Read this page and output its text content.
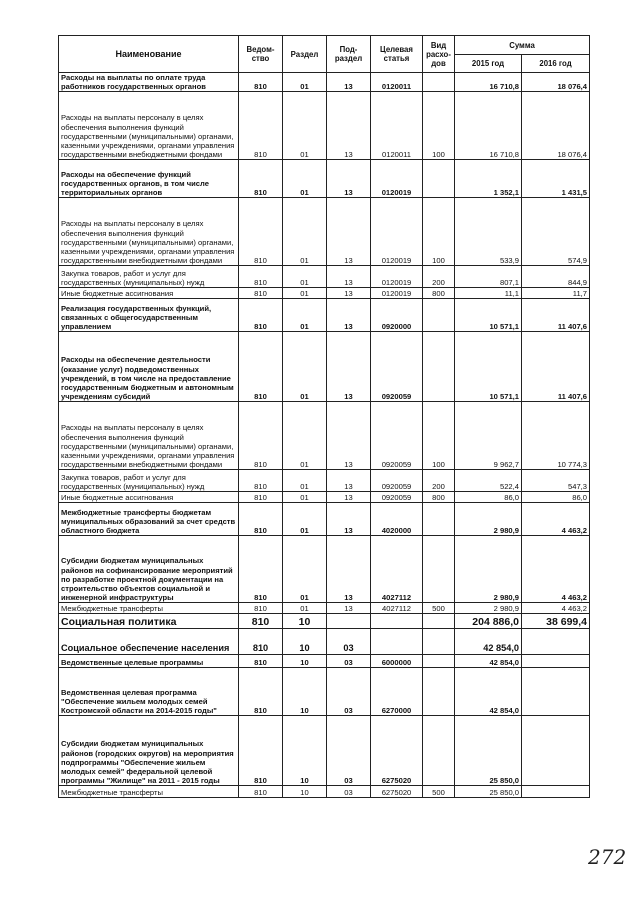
Наименование	Ведом-
ство	Раздел	Под-
раздел	Целевая
статья	Вид
расхо-
дов	Сумма	
						2015 год	2016 год
Расходы на выплаты по оплате труда работников государственных органов	810	01	13	0120011		16 710,8	18 076,4
Расходы на выплаты персоналу в целях обеспечения выполнения функций государственными (муниципальными) органами, казенными учреждениями, органами управления государственными внебюджетными фондами	810	01	13	0120011	100	16 710,8	18 076,4
Расходы на обеспечение функций государственных органов, в том числе территориальных органов	810	01	13	0120019		1 352,1	1 431,5
Расходы на выплаты персоналу в целях обеспечения выполнения функций государственными (муниципальными) органами, казенными учреждениями, органами управления государственными внебюджетными фондами	810	01	13	0120019	100	533,9	574,9
Закупка товаров, работ и услуг для государственных (муниципальных) нужд	810	01	13	0120019	200	807,1	844,9
Иные бюджетные ассигнования	810	01	13	0120019	800	11,1	11,7
Реализация государственных функций, связанных с общегосударственным управлением	810	01	13	0920000		10 571,1	11 407,6
Расходы на обеспечение деятельности (оказание услуг) подведомственных учреждений, в том числе на предоставление государственным бюджетным и автономным учреждениям субсидий	810	01	13	0920059		10 571,1	11 407,6
Расходы на выплаты персоналу в целях обеспечения выполнения функций государственными (муниципальными) органами, казенными учреждениями, органами управления государственными внебюджетными фондами	810	01	13	0920059	100	9 962,7	10 774,3
Закупка товаров, работ и услуг для государственных (муниципальных) нужд	810	01	13	0920059	200	522,4	547,3
Иные бюджетные ассигнования	810	01	13	0920059	800	86,0	86,0
Межбюджетные трансферты бюджетам муниципальных образований за счет средств областного бюджета	810	01	13	4020000		2 980,9	4 463,2
Субсидии бюджетам муниципальных районов на софинансирование мероприятий по разработке проектной документации на строительство объектов социальной и инженерной инфраструктуры	810	01	13	4027112		2 980,9	4 463,2
Межбюджетные трансферты	810	01	13	4027112	500	2 980,9	4 463,2
Социальная политика	810	10				204 886,0	38 699,4
Социальное обеспечение населения	810	10	03			42 854,0	
Ведомственные целевые программы	810	10	03	6000000		42 854,0	
Ведомственная целевая программа "Обеспечение жильем молодых семей Костромской области на 2014-2015 годы"	810	10	03	6270000		42 854,0	
Субсидии бюджетам муниципальных районов (городских округов) на мероприятия подпрограммы "Обеспечение жильем молодых семей" федеральной целевой программы "Жилище" на 2011 - 2015 годы	810	10	03	6275020		25 850,0	
Межбюджетные трансферты	810	10	03	6275020	500	25 850,0	
272
